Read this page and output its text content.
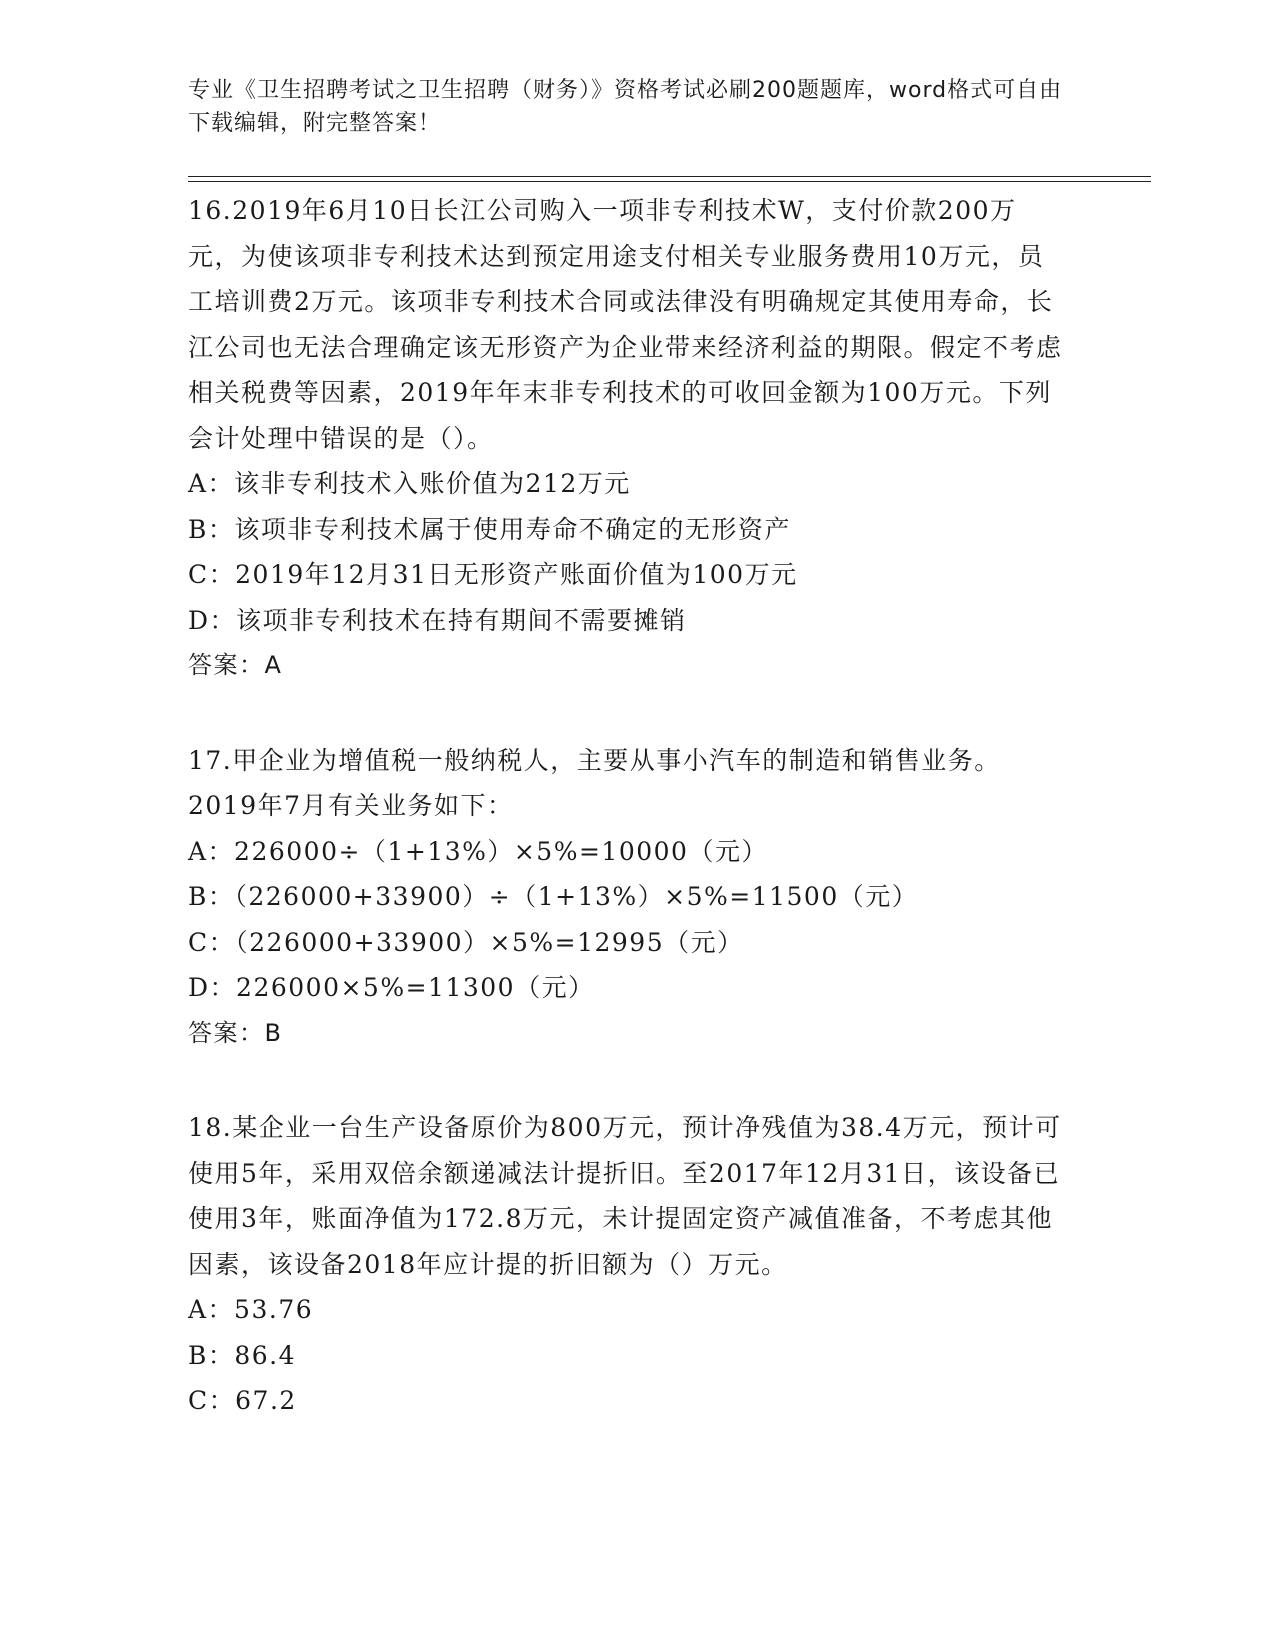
专业《卫生招聘考试之卫生招聘（财务）》资格考试必刷200题题库，word格式可自由下载编辑，附完整答案！

16.2019年6月10日长江公司购入一项非专利技术W，支付价款200万元，为使该项非专利技术达到预定用途支付相关专业服务费用10万元，员工培训费2万元。该项非专利技术合同或法律没有明确规定其使用寿命，长江公司也无法合理确定该无形资产为企业带来经济利益的期限。假定不考虑相关税费等因素，2019年年末非专利技术的可收回金额为100万元。下列会计处理中错误的是（）。

A：该非专利技术入账价值为212万元

B：该项非专利技术属于使用寿命不确定的无形资产

C：2019年12月31日无形资产账面价值为100万元

D：该项非专利技术在持有期间不需要摊销

答案：A

17.甲企业为增值税一般纳税人，主要从事小汽车的制造和销售业务。2019年7月有关业务如下：

A：226000÷（1+13%）×5%=10000（元）

B：（226000+33900）÷（1+13%）×5%=11500（元）

C：（226000+33900）×5%=12995（元）

D：226000×5%=11300（元）

答案：B

18.某企业一台生产设备原价为800万元，预计净残值为38.4万元，预计可使用5年，采用双倍余额递减法计提折旧。至2017年12月31日，该设备已使用3年，账面净值为172.8万元，未计提固定资产减值准备，不考虑其他因素，该设备2018年应计提的折旧额为（）万元。

A：53.76

B：86.4

C：67.2
